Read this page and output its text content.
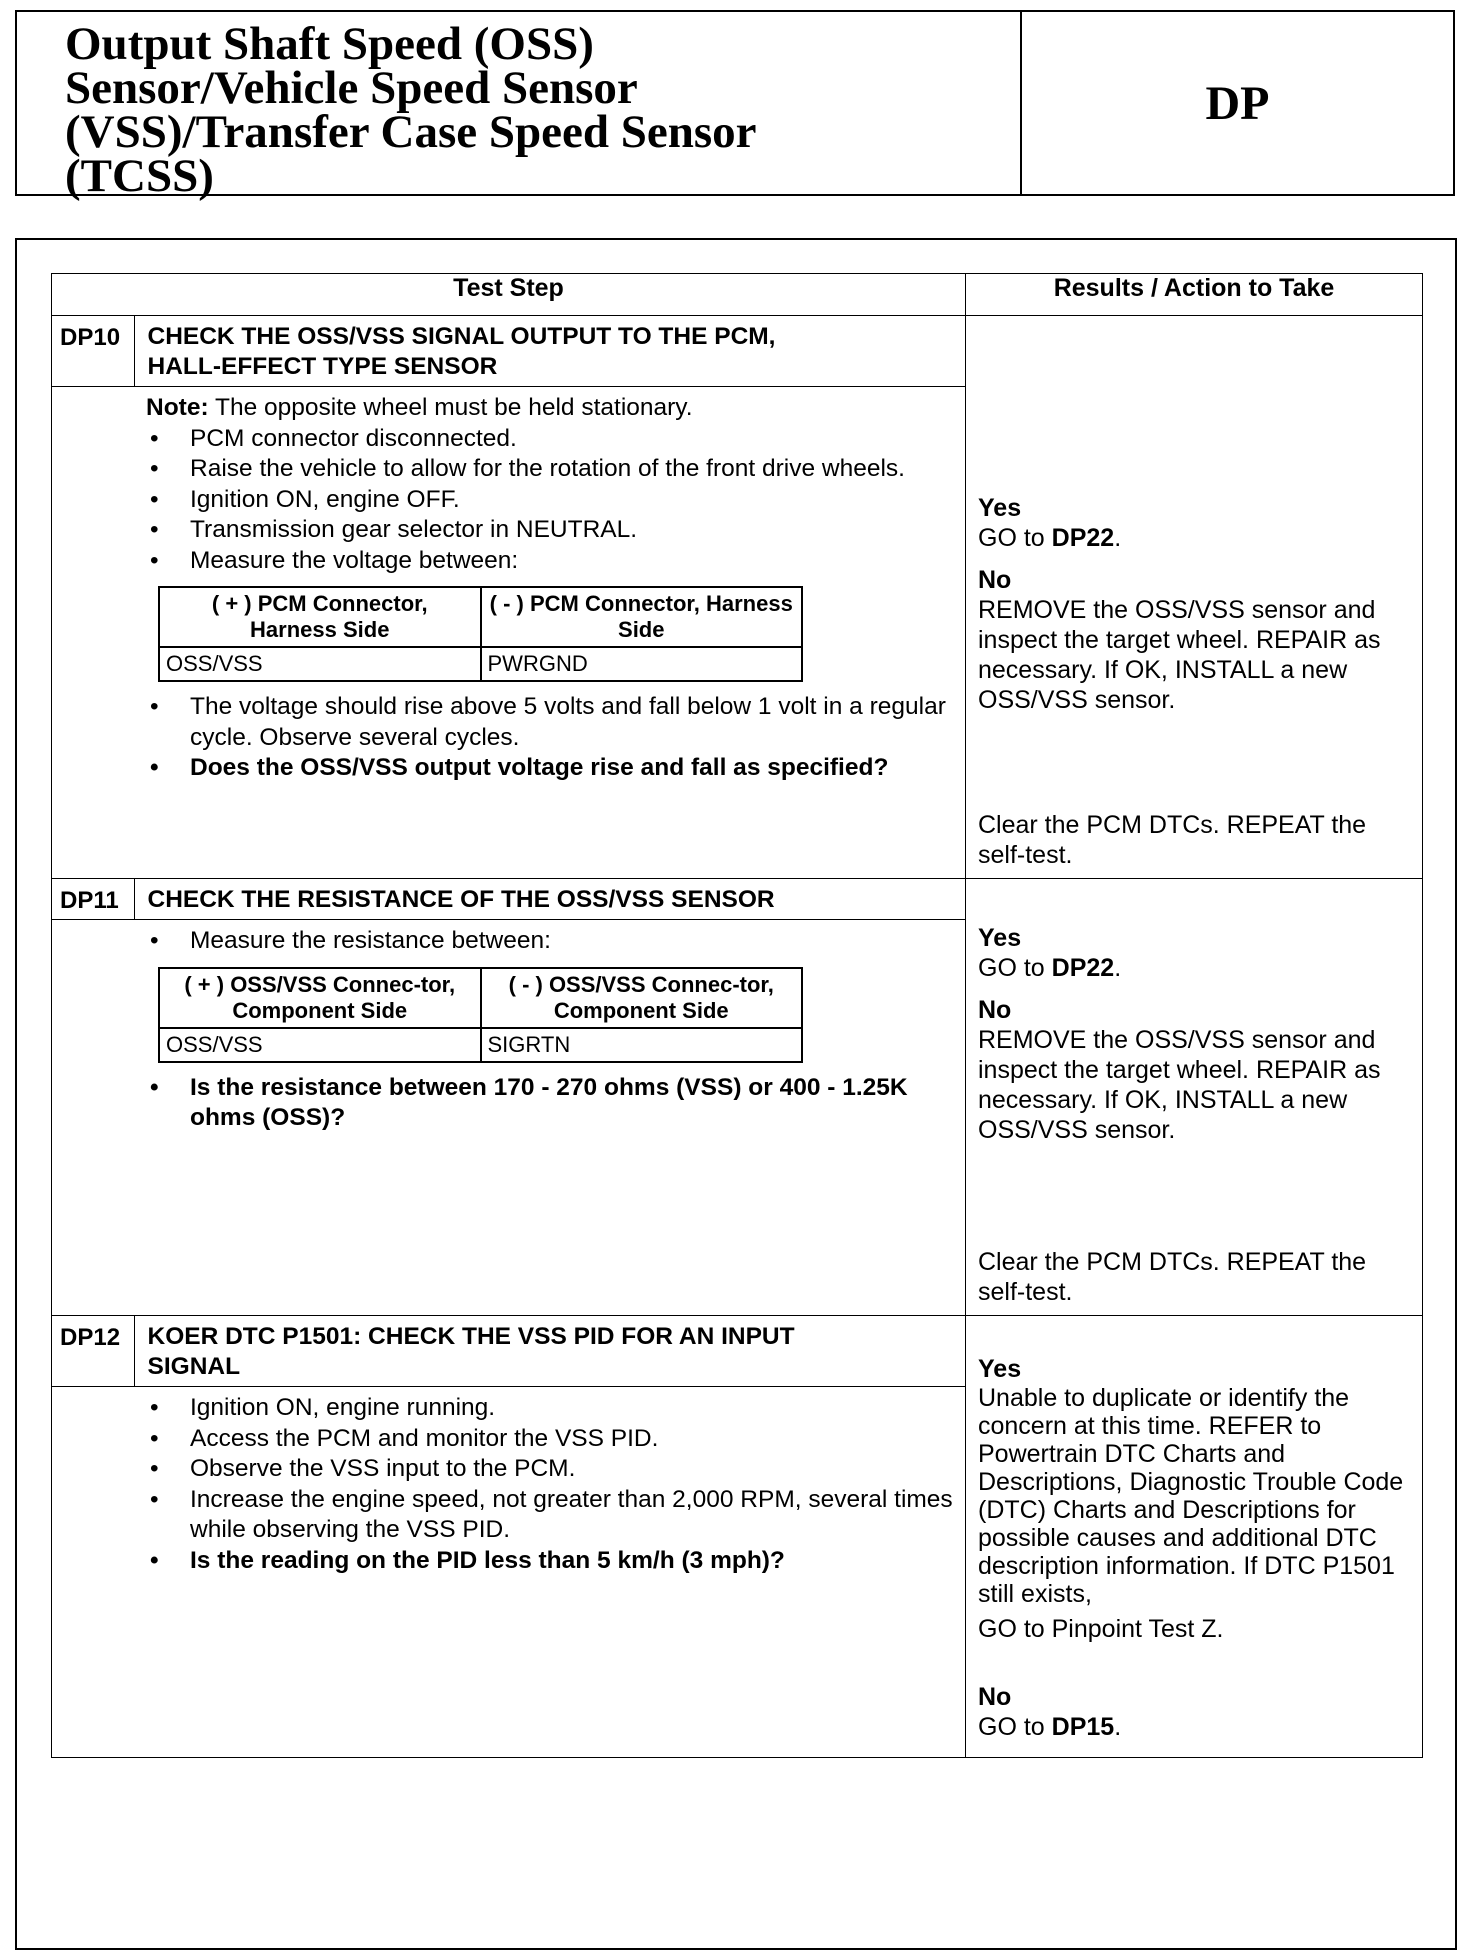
Output Shaft Speed (OSS)
Sensor/Vehicle Speed Sensor
(VSS)/Transfer Case Speed Sensor
(TCSS)
DP
Test Step	Results / Action to Take

DP10	CHECK THE OSS/VSS SIGNAL OUTPUT TO THE PCM,
HALL-EFFECT TYPE SENSOR

Note: The opposite wheel must be held stationary.
• PCM connector disconnected.
• Raise the vehicle to allow for the rotation of the front drive wheels.
• Ignition ON, engine OFF.
• Transmission gear selector in NEUTRAL.
• Measure the voltage between:
( + ) PCM Connector, Harness Side	( - ) PCM Connector, Harness Side
OSS/VSS	PWRGND
• The voltage should rise above 5 volts and fall below 1 volt in a regular cycle. Observe several cycles.
• Does the OSS/VSS output voltage rise and fall as specified?

Yes
GO to DP22.
No
REMOVE the OSS/VSS sensor and inspect the target wheel. REPAIR as necessary. If OK, INSTALL a new OSS/VSS sensor.
Clear the PCM DTCs. REPEAT the self-test.

DP11	CHECK THE RESISTANCE OF THE OSS/VSS SENSOR

• Measure the resistance between:
( + ) OSS/VSS Connec-tor, Component Side	( - ) OSS/VSS Connec-tor, Component Side
OSS/VSS	SIGRTN
• Is the resistance between 170 - 270 ohms (VSS) or 400 - 1.25K ohms (OSS)?

Yes
GO to DP22.
No
REMOVE the OSS/VSS sensor and inspect the target wheel. REPAIR as necessary. If OK, INSTALL a new OSS/VSS sensor.
Clear the PCM DTCs. REPEAT the self-test.

DP12	KOER DTC P1501: CHECK THE VSS PID FOR AN INPUT
SIGNAL

• Ignition ON, engine running.
• Access the PCM and monitor the VSS PID.
• Observe the VSS input to the PCM.
• Increase the engine speed, not greater than 2,000 RPM, several times while observing the VSS PID.
• Is the reading on the PID less than 5 km/h (3 mph)?

Yes
Unable to duplicate or identify the concern at this time. REFER to Powertrain DTC Charts and Descriptions, Diagnostic Trouble Code (DTC) Charts and Descriptions for possible causes and additional DTC description information. If DTC P1501 still exists,
GO to Pinpoint Test Z.
No
GO to DP15.
